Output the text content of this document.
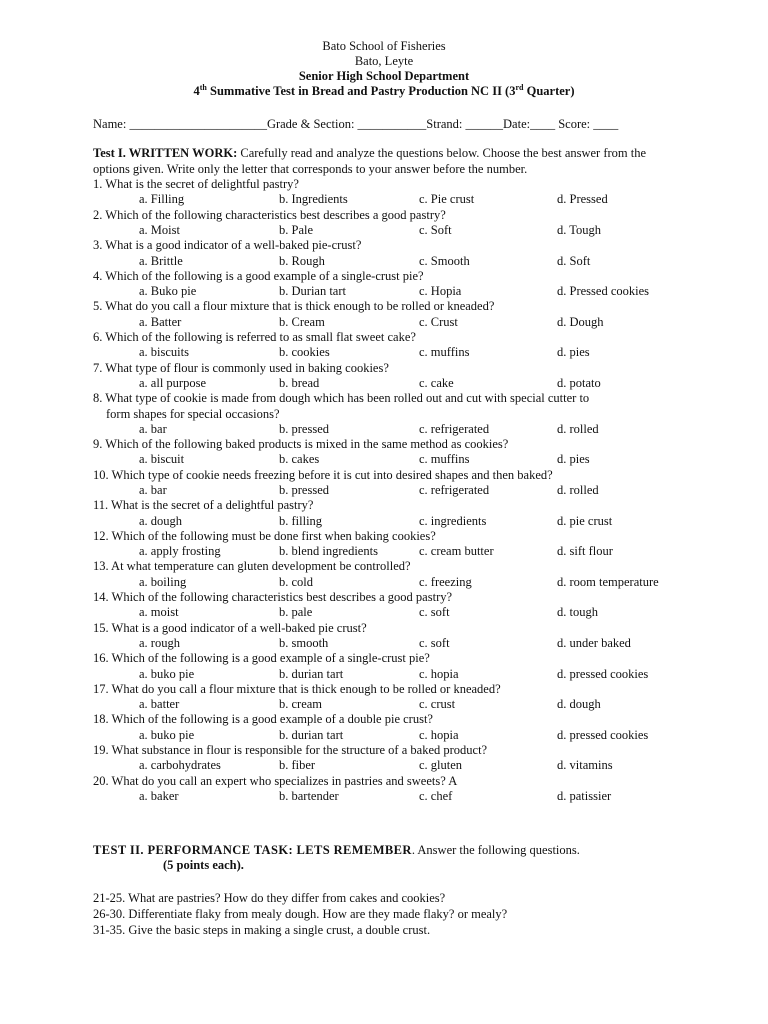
Bato School of Fisheries
Bato, Leyte
Senior High School Department
4th Summative Test in Bread and Pastry Production NC II (3rd Quarter)
Name: ______________________Grade & Section: ___________Strand: ______Date:____ Score: ____
Test I. WRITTEN WORK: Carefully read and analyze the questions below. Choose the best answer from the options given. Write only the letter that corresponds to your answer before the number.
1. What is the secret of delightful pastry?
a. Filling	b. Ingredients	c. Pie crust	d. Pressed
2. Which of the following characteristics best describes a good pastry?
a. Moist	b. Pale	c. Soft	d. Tough
3. What is a good indicator of a well-baked pie-crust?
a. Brittle	b. Rough	c. Smooth	d. Soft
4. Which of the following is a good example of a single-crust pie?
a. Buko pie	b. Durian tart	c. Hopia	d. Pressed cookies
5. What do you call a flour mixture that is thick enough to be rolled or kneaded?
a. Batter	b. Cream	c. Crust	d. Dough
6. Which of the following is referred to as small flat sweet cake?
a. biscuits	b. cookies	c. muffins	d. pies
7. What type of flour is commonly used in baking cookies?
a. all purpose	b. bread	c. cake	d. potato
8. What type of cookie is made from dough which has been rolled out and cut with special cutter to
form shapes for special occasions?
a. bar	b. pressed	c. refrigerated	d. rolled
9. Which of the following baked products is mixed in the same method as cookies?
a. biscuit	b. cakes	c. muffins	d. pies
10. Which type of cookie needs freezing before it is cut into desired shapes and then baked?
a. bar	b. pressed	c. refrigerated	d. rolled
11. What is the secret of a delightful pastry?
a. dough	b. filling	c. ingredients	d. pie crust
12. Which of the following must be done first when baking cookies?
a. apply frosting	b. blend ingredients	c. cream butter	d. sift flour
13. At what temperature can gluten development be controlled?
a. boiling	b. cold	c. freezing	d. room temperature
14. Which of the following characteristics best describes a good pastry?
a. moist	b. pale	c. soft	d. tough
15. What is a good indicator of a well-baked pie crust?
a. rough	b. smooth	c. soft	d. under baked
16. Which of the following is a good example of a single-crust pie?
a. buko pie	b. durian tart	c. hopia	d. pressed cookies
17. What do you call a flour mixture that is thick enough to be rolled or kneaded?
a. batter	b. cream	c. crust	d. dough
18. Which of the following is a good example of a double pie crust?
a. buko pie	b. durian tart	c. hopia	d. pressed cookies
19. What substance in flour is responsible for the structure of a baked product?
a. carbohydrates	b. fiber	c. gluten	d. vitamins
20. What do you call an expert who specializes in pastries and sweets? A
a. baker	b. bartender	c. chef	d. patissier
TEST II. PERFORMANCE TASK: LETS REMEMBER. Answer the following questions.
(5 points each).
21-25. What are pastries? How do they differ from cakes and cookies?
26-30. Differentiate flaky from mealy dough. How are they made flaky? or mealy?
31-35. Give the basic steps in making a single crust, a double crust.
